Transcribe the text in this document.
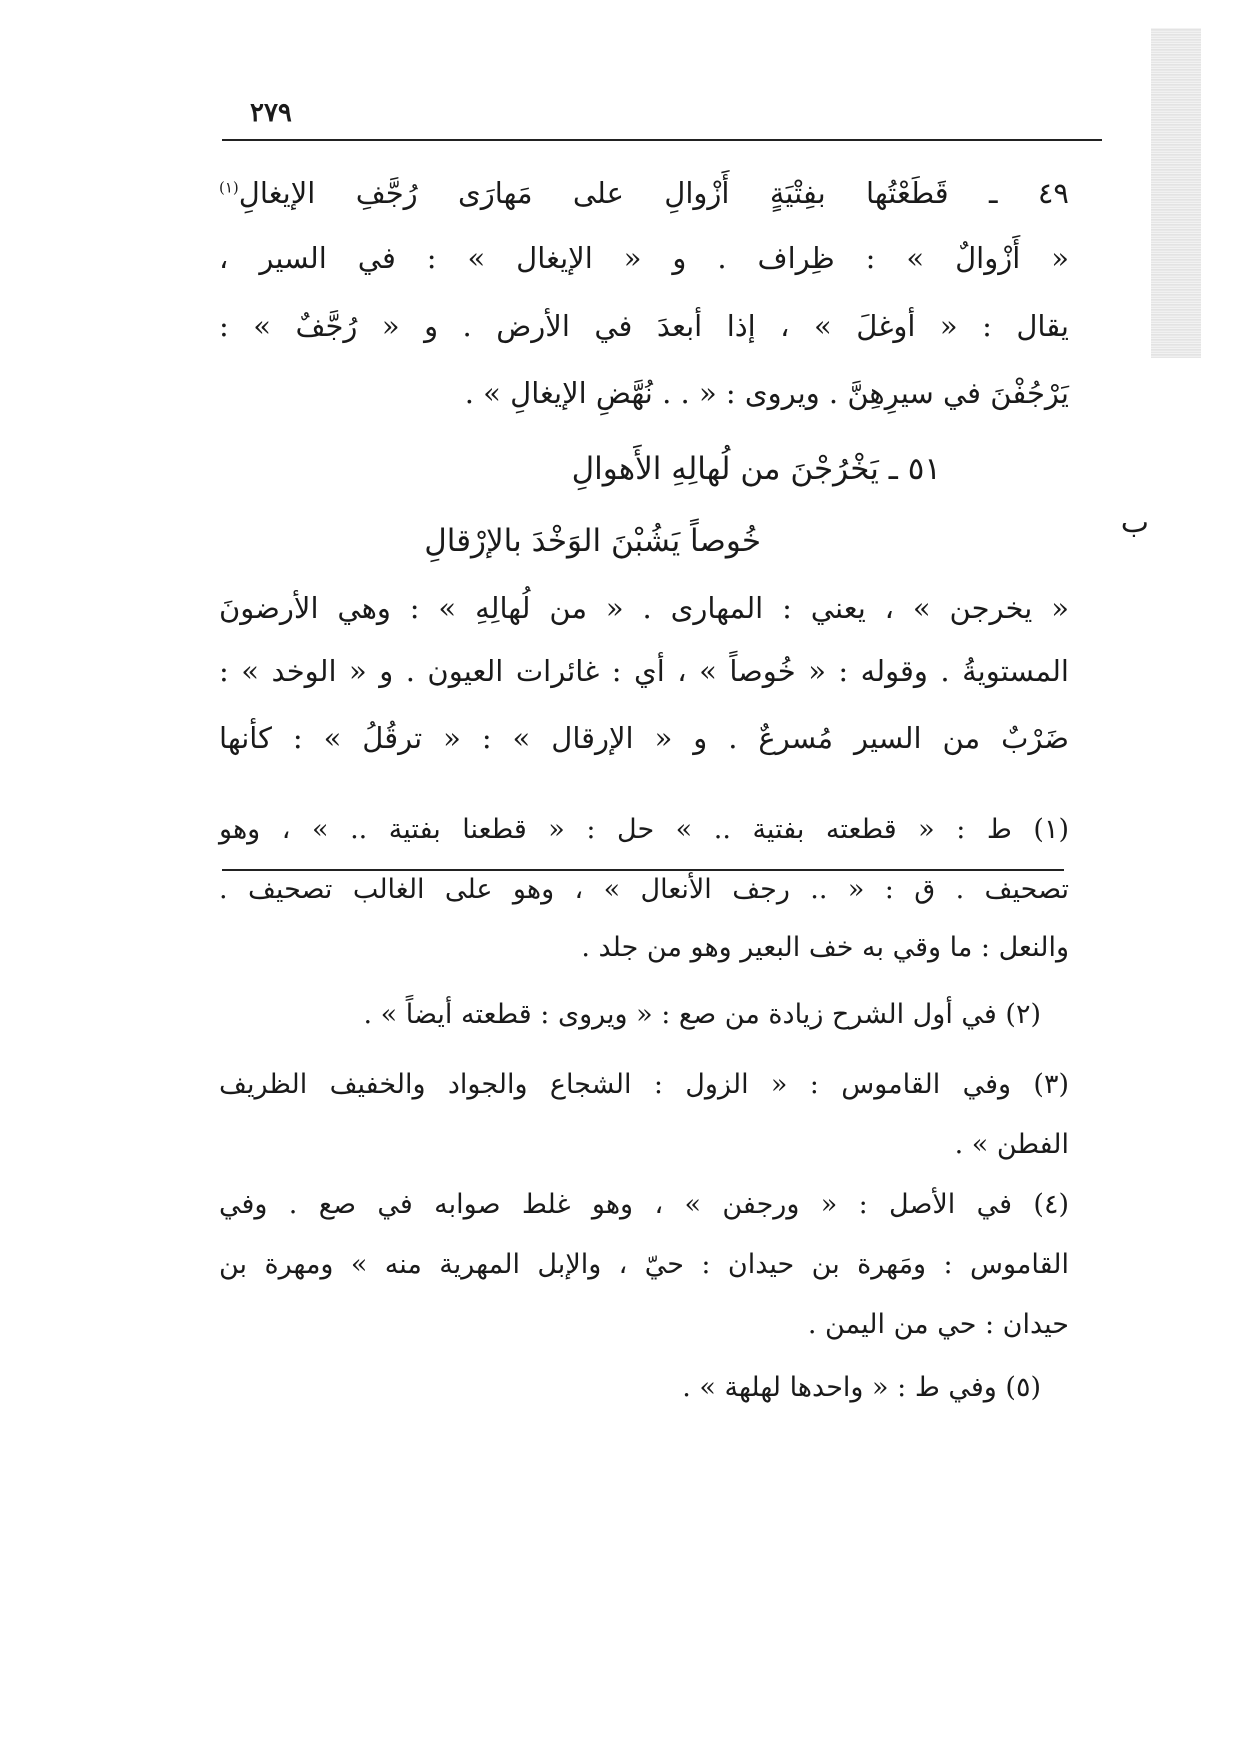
٢٧٩
٤٩ ـ قَطَعْتُها بفِتْيَةٍ أَزْوالِ على مَهارَى رُجَّفِ الإيغالِ$^{(١)}$
« أَزْوالٌ » : ظِراف . و « الإيغال » : في السير ،
يقال : « أوغلَ » ، إذا أبعدَ في الأرض . و « رُجَّفٌ » :
يَرْجُفْنَ في سيرِهِنَّ . ويروى : « . . نُهَّضِ الإيغالِ » .
ب
٥١ ـ يَخْرُجْنَ من لُهالِهِ الأَهوالِ
خُوصاً يَشُبْنَ الوَخْدَ بالإرْقالِ
« يخرجن » ، يعني : المهارى . « من لُهالِهِ » : وهي الأرضونَ
المستويةُ . وقوله : « خُوصاً » ، أي : غائرات العيون . و « الوخد » :
ضَرْبٌ من السير مُسرعٌ . و « الإرقال » : « ترقُلُ » : كأنها
(١) ط : « قطعته بفتية .. » حل : « قطعنا بفتية .. » ، وهو
تصحيف . ق : « .. رجف الأنعال » ، وهو على الغالب تصحيف .
والنعل : ما وقي به خف البعير وهو من جلد .
(٢) في أول الشرح زيادة من صع : « ويروى : قطعته أيضاً » .
(٣) وفي القاموس : « الزول : الشجاع والجواد والخفيف الظريف
الفطن » .
(٤) في الأصل : « ورجفن » ، وهو غلط صوابه في صع . وفي
القاموس : ومَهرة بن حيدان : حيّ ، والإبل المهرية منه » ومهرة بن
حيدان : حي من اليمن .
(٥) وفي ط : « واحدها لهلهة » .
